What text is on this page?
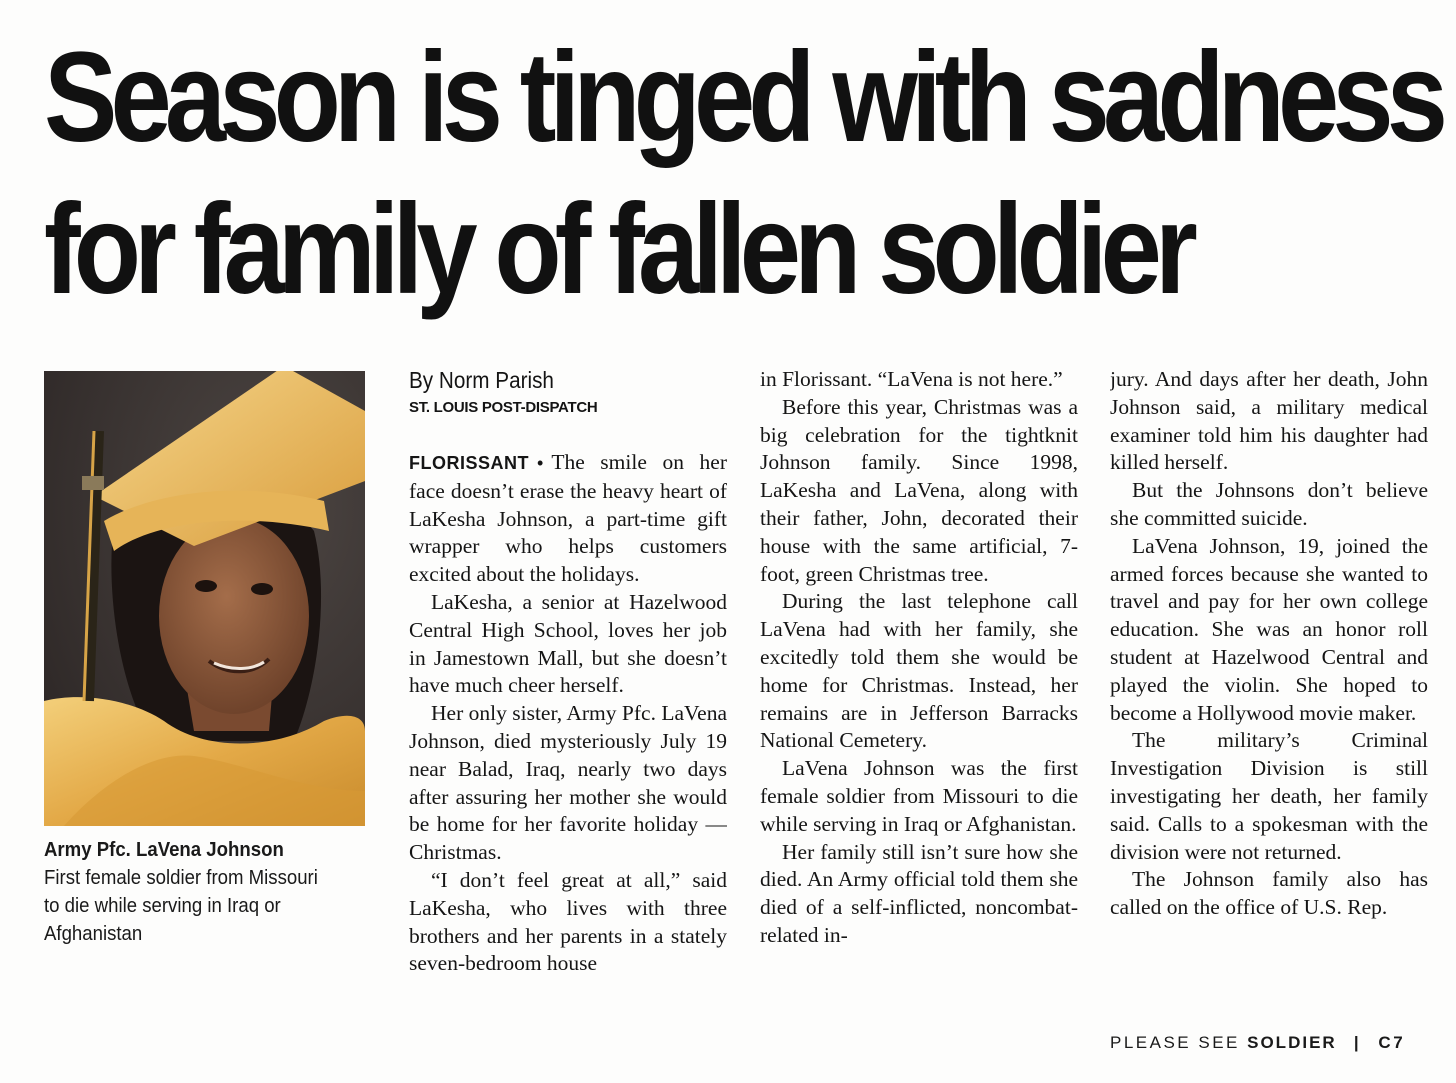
Season is tinged with sadness
for family of fallen soldier
Army Pfc. LaVena Johnson
First female soldier from Missouri to die while serving in Iraq or Afghanistan
By Norm Parish
ST. LOUIS POST-DISPATCH

FLORISSANT • The smile on her face doesn’t erase the heavy heart of LaKesha Johnson, a part-time gift wrapper who helps customers excited about the holidays.

LaKesha, a senior at Hazelwood Central High School, loves her job in Jamestown Mall, but she doesn’t have much cheer herself.

Her only sister, Army Pfc. LaVena Johnson, died mysteriously July 19 near Balad, Iraq, nearly two days after assuring her mother she would be home for her favorite holiday — Christmas.

“I don’t feel great at all,” said LaKesha, who lives with three brothers and her parents in a stately seven-bedroom house

in Florissant. “LaVena is not here.”

Before this year, Christmas was a big celebration for the tightknit Johnson family. Since 1998, LaKesha and LaVena, along with their father, John, decorated their house with the same artificial, 7-foot, green Christmas tree.

During the last telephone call LaVena had with her family, she excitedly told them she would be home for Christmas. Instead, her remains are in Jefferson Barracks National Cemetery.

LaVena Johnson was the first female soldier from Missouri to die while serving in Iraq or Afghanistan.

Her family still isn’t sure how she died. An Army official told them she died of a self-inflicted, noncombat-related in-

jury. And days after her death, John Johnson said, a military medical examiner told him his daughter had killed herself.

But the Johnsons don’t believe she committed suicide.

LaVena Johnson, 19, joined the armed forces because she wanted to travel and pay for her own college education. She was an honor roll student at Hazelwood Central and played the violin. She hoped to become a Hollywood movie maker.

The military’s Criminal Investigation Division is still investigating her death, her family said. Calls to a spokesman with the division were not returned.

The Johnson family also has called on the office of U.S. Rep.

PLEASE SEE SOLDIER | C7
